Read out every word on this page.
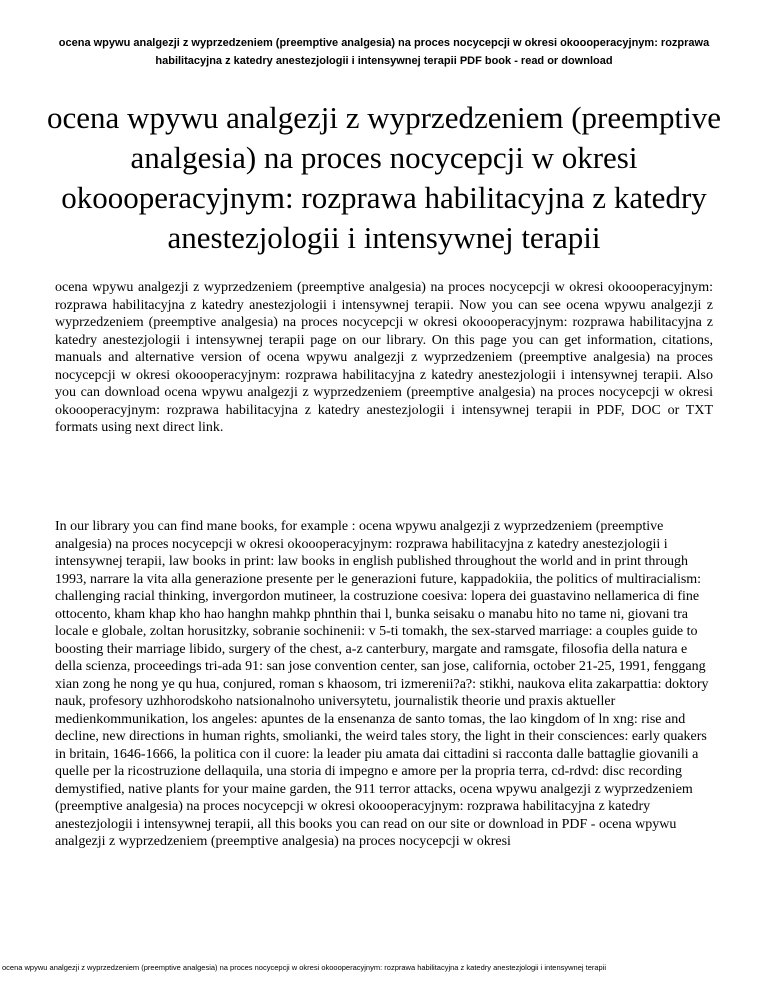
ocena wpywu analgezji z wyprzedzeniem (preemptive analgesia) na proces nocycepcji w okresi okoooperacyjnym: rozprawa habilitacyjna z katedry anestezjologii i intensywnej terapii PDF book - read or download
ocena wpywu analgezji z wyprzedzeniem (preemptive analgesia) na proces nocycepcji w okresi okoooperacyjnym: rozprawa habilitacyjna z katedry anestezjologii i intensywnej terapii

ocena wpywu analgezji z wyprzedzeniem (preemptive analgesia) na proces nocycepcji w okresi okoooperacyjnym: rozprawa habilitacyjna z katedry anestezjologii i intensywnej terapii. Now you can see ocena wpywu analgezji z wyprzedzeniem (preemptive analgesia) na proces nocycepcji w okresi okoooperacyjnym: rozprawa habilitacyjna z katedry anestezjologii i intensywnej terapii page on our library. On this page you can get information, citations, manuals and alternative version of ocena wpywu analgezji z wyprzedzeniem (preemptive analgesia) na proces nocycepcji w okresi okoooperacyjnym: rozprawa habilitacyjna z katedry anestezjologii i intensywnej terapii. Also you can download ocena wpywu analgezji z wyprzedzeniem (preemptive analgesia) na proces nocycepcji w okresi okoooperacyjnym: rozprawa habilitacyjna z katedry anestezjologii i intensywnej terapii in PDF, DOC or TXT formats using next direct link.

In our library you can find mane books, for example : ocena wpywu analgezji z wyprzedzeniem (preemptive analgesia) na proces nocycepcji w okresi okoooperacyjnym: rozprawa habilitacyjna z katedry anestezjologii i intensywnej terapii, law books in print: law books in english published throughout the world and in print through 1993, narrare la vita alla generazione presente per le generazioni future, kappadokiia, the politics of multiracialism: challenging racial thinking, invergordon mutineer, la costruzione coesiva: lopera dei guastavino nellamerica di fine ottocento, kham khap kho hao hanghn mahkp phnthin thai l, bunka seisaku o manabu hito no tame ni, giovani tra locale e globale, zoltan horusitzky, sobranie sochinenii: v 5-ti tomakh, the sex-starved marriage: a couples guide to boosting their marriage libido, surgery of the chest, a-z canterbury, margate and ramsgate, filosofia della natura e della scienza, proceedings tri-ada 91: san jose convention center, san jose, california, october 21-25, 1991, fenggang xian zong he nong ye qu hua, conjured, roman s khaosom, tri izmerenii?a?: stikhi, naukova elita zakarpattia: doktory nauk, profesory uzhhorodskoho natsionalnoho universytetu, journalistik theorie und praxis aktueller medienkommunikation, los angeles: apuntes de la ensenanza de santo tomas, the lao kingdom of ln xng: rise and decline, new directions in human rights, smolianki, the weird tales story, the light in their consciences: early quakers in britain, 1646-1666, la politica con il cuore: la leader piu amata dai cittadini si racconta dalle battaglie giovanili a quelle per la ricostruzione dellaquila, una storia di impegno e amore per la propria terra, cd-rdvd: disc recording demystified, native plants for your maine garden, the 911 terror attacks, ocena wpywu analgezji z wyprzedzeniem (preemptive analgesia) na proces nocycepcji w okresi okoooperacyjnym: rozprawa habilitacyjna z katedry anestezjologii i intensywnej terapii, all this books you can read on our site or download in PDF - ocena wpywu analgezji z wyprzedzeniem (preemptive analgesia) na proces nocycepcji w okresi

ocena wpywu analgezji z wyprzedzeniem (preemptive analgesia) na proces nocycepcji w okresi okoooperacyjnym: rozprawa habilitacyjna z katedry anestezjologii i intensywnej terapii
